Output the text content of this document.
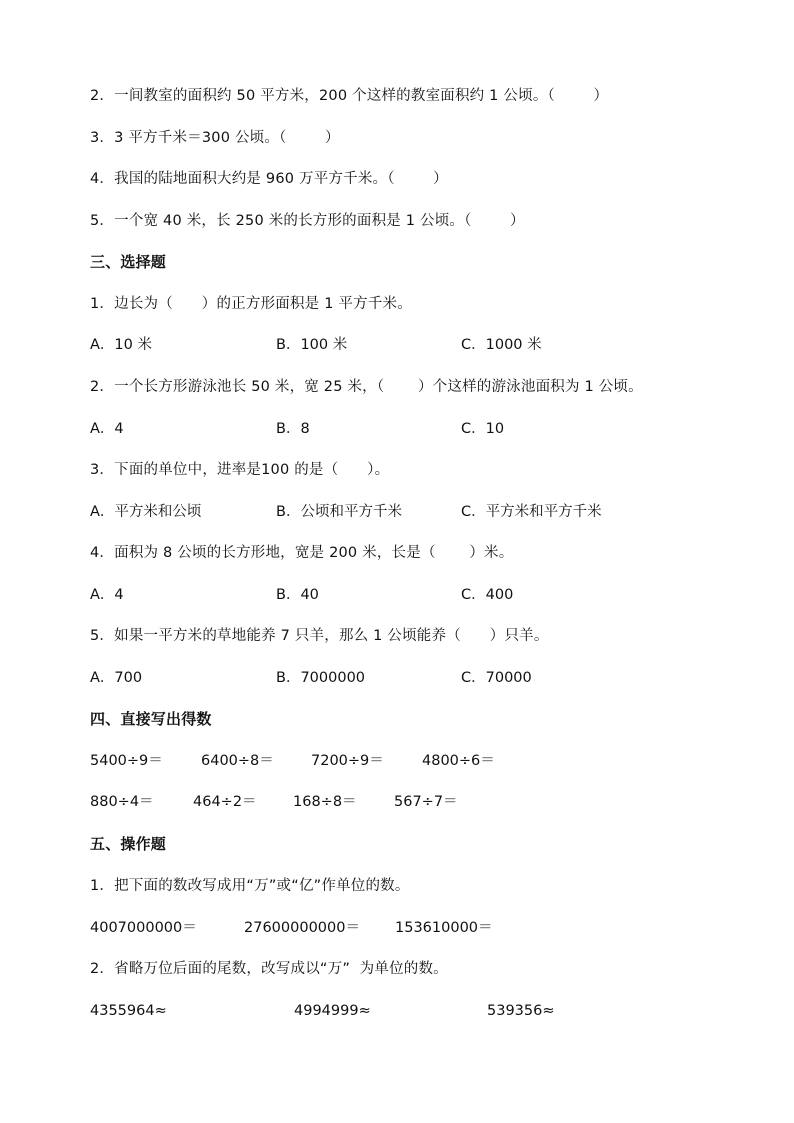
2．一间教室的面积约 50 平方米，200 个这样的教室面积约 1 公顷。（        ）
3．3 平方千米＝300 公顷。（        ）
4．我国的陆地面积大约是 960 万平方千米。（        ）
5．一个宽 40 米，长 250 米的长方形的面积是 1 公顷。（        ）
三、选择题
1．边长为（      ）的正方形面积是 1 平方千米。
A．10 米	B．100 米	C．1000 米
2．一个长方形游泳池长 50 米，宽 25 米，（       ）个这样的游泳池面积为 1 公顷。
A．4	B．8	C．10
3．下面的单位中，进率是100 的是（      ）。
A．平方米和公顷	B．公顷和平方千米	C．平方米和平方千米
4．面积为 8 公顷的长方形地，宽是 200 米，长是（       ）米。
A．4	B．40	C．400
5．如果一平方米的草地能养 7 只羊，那么 1 公顷能养（      ）只羊。
A．700	B．7000000	C．70000
四、直接写出得数
5400÷9＝	6400÷8＝	7200÷9＝	4800÷6＝
880÷4＝	464÷2＝	168÷8＝	567÷7＝
五、操作题
1．把下面的数改写成用“万”或“亿”作单位的数。
4007000000＝	27600000000＝ 153610000＝
2．省略万位后面的尾数，改写成以“万”  为单位的数。
4355964≈	4994999≈	539356≈
